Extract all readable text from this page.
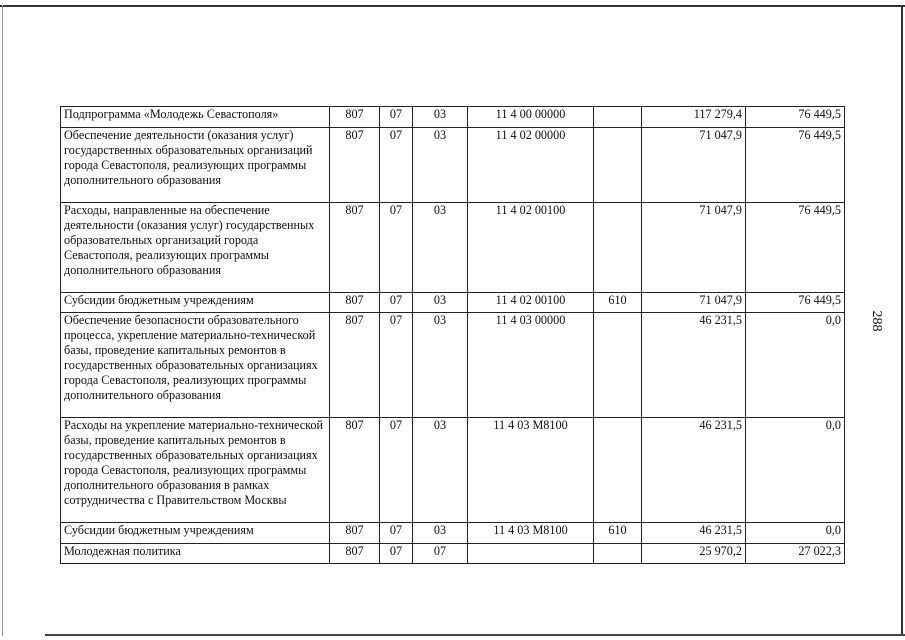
Подпрограмма «Молодежь Севастополя»	807	07	03	11 4 00 00000		117 279,4	76 449,5
Обеспечение деятельности (оказания услуг) государственных образовательных организаций города Севастополя, реализующих программы дополнительного образования	807	07	03	11 4 02 00000		71 047,9	76 449,5
Расходы, направленные на обеспечение деятельности (оказания услуг) государственных образовательных организаций города Севастополя, реализующих программы дополнительного образования	807	07	03	11 4 02 00100		71 047,9	76 449,5
Субсидии бюджетным учреждениям	807	07	03	11 4 02 00100	610	71 047,9	76 449,5
Обеспечение безопасности образовательного процесса, укрепление материально-технической базы, проведение капитальных ремонтов в государственных образовательных организациях города Севастополя, реализующих программы дополнительного образования	807	07	03	11 4 03 00000		46 231,5	0,0
Расходы на укрепление материально-технической базы, проведение капитальных ремонтов в государственных образовательных организациях города Севастополя, реализующих программы дополнительного образования в рамках сотрудничества с Правительством Москвы	807	07	03	11 4 03 M8100		46 231,5	0,0
Субсидии бюджетным учреждениям	807	07	03	11 4 03 M8100	610	46 231,5	0,0
Молодежная политика	807	07	07			25 970,2	27 022,3
288
